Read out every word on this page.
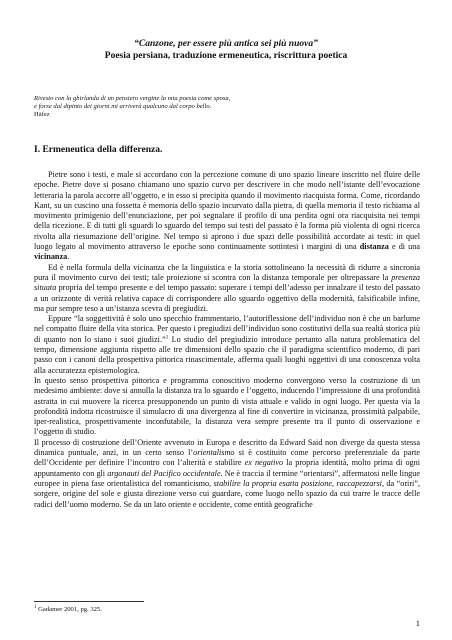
“Canzone, per essere più antica sei più nuova”
Poesia persiana, traduzione ermeneutica, riscrittura poetica
Rivesto con la ghirlanda di un pensiero vergine la mia poesia come sposa,
e forse dal dipinto dei giorni mi arriverà qualcuno dal corpo bello.
Hāfez
I. Ermeneutica della differenza.

Pietre sono i testi, e male si accordano con la percezione comune di uno spazio lineare inscritto nel fluire delle epoche. Pietre dove si posano chiamano uno spazio curvo per descrivere in che modo nell’istante dell’evocazione letteraria la parola accorre all’oggetto, e in esso si precipita quando il movimento riacquista forma. Come, ricordando Kant, su un cuscino una fossetta è memoria dello spazio incurvato dalla pietra, di quella memoria il testo richiama al movimento primigenio dell’enunciazione, per poi segnalare il profilo di una perdita ogni ora riacquisita nei tempi della ricezione. E di tutti gli sguardi lo sguardo del tempo sui testi del passato è la forma più violenta di ogni ricerca rivolta alla riesumazione dell’origine. Nel tempo si aprono i due spazi delle possibilità accordate ai testi: in quel luogo legato al movimento attraverso le epoche sono continuamente sottintesi i margini di una distanza e di una vicinanza.

Ed è nella formula della vicinanza che la linguistica e la storia sottolineano la necessità di ridurre a sincronia pura il movimento curvo dei testi; tale proiezione si scontra con la distanza temporale per oltrepassare la presenza situata propria del tempo presente e del tempo passato: superare i tempi dell’adesso per innalzare il testo del passato a un orizzonte di verità relativa capace di corrispondere allo sguardo oggettivo della modernità, falsificabile infine, ma pur sempre teso a un’istanza scevra di pregiudizi.

Eppure “la soggettività è solo uno specchio frammentario, l’autoriflessione dell’individuo non è che un barlume nel compatto fluire della vita storica. Per questo i pregiudizi dell’individuo sono costitutivi della sua realtà storica più di quanto non lo siano i suoi giudizi.”$^1$ Lo studio del pregiudizio introduce pertanto alla natura problematica del tempo, dimensione aggiunta rispetto alle tre dimensioni dello spazio che il paradigma scientifico moderno, di pari passo con i canoni della prospettiva pittorica rinascimentale, afferma quali luoghi oggettivi di una conoscenza volta alla accuratezza epistemologica.

In questo senso prospettiva pittorica e programma conoscitivo moderno convergono verso la costruzione di un medesimo ambiente: dove si annulla la distanza tra lo sguardo e l’oggetto, inducendo l’impressione di una profondità astratta in cui muovere la ricerca presupponendo un punto di vista attuale e valido in ogni luogo. Per questa via la profondità indotta ricostruisce il simulacro di una divergenza al fine di convertire in vicinanza, prossimità palpabile, iper-realistica, prospettivamente inconfutabile, la distanza vera sempre presente tra il punto di osservazione e l’oggetto di studio.

Il processo di costruzione dell’Oriente avvenuto in Europa e descritto da Edward Said non diverge da questa stessa dinamica puntuale, anzi, in un certo senso l’orientalismo si è costituito come percorso preferenziale da parte dell’Occidente per definire l’incontro con l’alterità e stabilire ex negativo la propria identità, molto prima di ogni appuntamento con gli argonauti del Pacifico occidentale. Ne è traccia il termine “orientarsi”, affermatosi nelle lingue europee in piena fase orientalistica del romanticismo, stabilire la propria esatta posizione, raccapezzarsi, da “oriri”, sorgere, origine del sole e giusta direzione verso cui guardare, come luogo nello spazio da cui trarre le tracce delle radici dell’uomo moderno. Se da un lato oriente e occidente, come entità geografiche

$^1$ Gadamer 2001, pg. 325.
1
